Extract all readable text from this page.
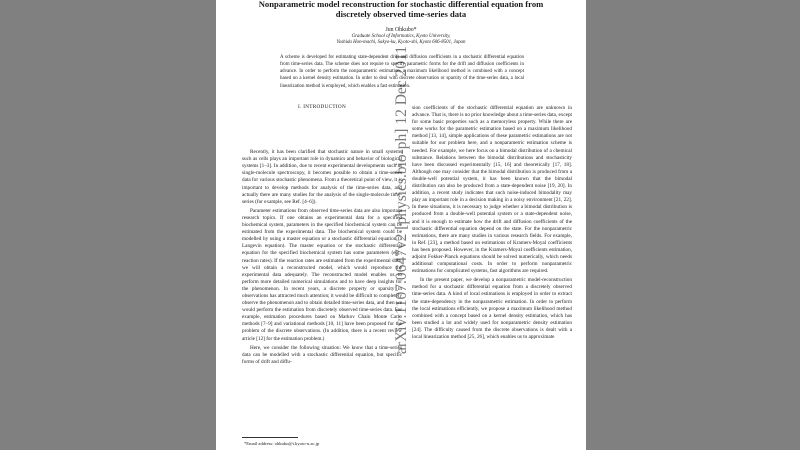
arXiv:1107.0647v2 [physics.bio-ph] 12 Dec 2011
Nonparametric model reconstruction for stochastic differential equation from
discretely observed time-series data
Jun Ohkubo*
Graduate School of Informatics, Kyoto University,
Yoshida Hon-machi, Sakyo-ku, Kyoto-shi, Kyoto 606-8501, Japan
A scheme is developed for estimating state-dependent drift and diffusion coefficients in a stochastic differential equation from time-series data. The scheme does not require to specify parametric forms for the drift and diffusion coefficients in advance. In order to perform the nonparametric estimation, a maximum likelihood method is combined with a concept based on a kernel density estimation. In order to deal with discrete observation or sparsity of the time-series data, a local linearization method is employed, which enables a fast estimation.
I. INTRODUCTION

Recently, it has been clarified that stochastic nature in small systems such as cells plays an important role in dynamics and behavior of biological systems [1–3]. In addition, due to recent experimental developments such as single-molecule spectroscopy, it becomes possible to obtain a time-series data for various stochastic phenomena. From a theoretical point of view, it is important to develop methods for analysis of the time-series data, and actually there are many studies for the analysis of the single-molecule time-series (for example, see Ref. [4–6]).

Parameter estimations from observed time-series data are also important research topics. If one obtains an experimental data for a specified biochemical system, parameters in the specified biochemical system can be estimated from the experimental data. The biochemical system could be modelled by using a master equation or a stochastic differential equation (a Langevin equation). The master equation or the stochastic differential equation for the specified biochemical system has some parameters (e.g., reaction rates). If the reaction rates are estimated from the experimental data, we will obtain a reconstructed model, which would reproduce the experimental data adequately. The reconstructed model enables us to perform more detailed numerical simulations and to have deep insights for the phenomenon. In recent years, a discrete property or sparsity in observations has attracted much attention; it would be difficult to completely observe the phenomenon and to obtain detailed time-series data, and then we would perform the estimation from discretely observed time-series data. For example, estimation procedures based on Markov Chain Monte Carlo methods [7–9] and variational methods [10, 11] have been proposed for the problem of the discrete observations. (In addition, there is a recent review article [12] for the estimation problem.)

Here, we consider the following situation: We know that a time-series data can be modelled with a stochastic differential equation, but specific forms of drift and diffu-

sion coefficients of the stochastic differential equation are unknown in advance. That is, there is no prior knowledge about a time-series data, except for some basic properties such as a memoryless property. While there are some works for the parametric estimation based on a maximum likelihood method [13, 14], simple applications of these parametric estimations are not suitable for our problem here, and a nonparametric estimation scheme is needed. For example, we here focus on a bimodal distribution of a chemical substance. Relations between the bimodal distributions and stochasticity have been discussed experimentally [15, 16] and theoretically [17, 18]. Although one may consider that the bimodal distribution is produced from a double-well potential system, it has been known that the bimodal distribution can also be produced from a state-dependent noise [19, 20]. In addition, a recent study indicates that such noise-induced bimodality may play an important role in a decision making in a noisy environment [21, 22]. In these situations, it is necessary to judge whether a bimodal distribution is produced from a double-well potential system or a state-dependent noise, and it is enough to estimate how the drift and diffusion coefficients of the stochastic differential equation depend on the state. For the nonparametric estimations, there are many studies in various research fields. For example, in Ref. [23], a method based on estimations of Kramers-Moyal coefficients has been proposed. However, in the Kramers-Moyal coefficients estimation, adjoint Fokker-Planck equations should be solved numerically, which needs additional computational costs. In order to perform nonparametric estimations for complicated systems, fast algorithms are required.

In the present paper, we develop a nonparametric model-reconstruction method for a stochastic differential equation from a discretely observed time-series data. A kind of local estimations is employed in order to extract the state-dependency in the nonparametric estimation. In order to perform the local estimations efficiently, we propose a maximum likelihood method combined with a concept based on a kernel density estimation, which has been studied a lot and widely used for nonparametric density estimation [24]. The difficulty caused from the discrete observations is dealt with a local linearization method [25, 26], which enables us to approximate

*Email address: ohkubo@i.kyoto-u.ac.jp
